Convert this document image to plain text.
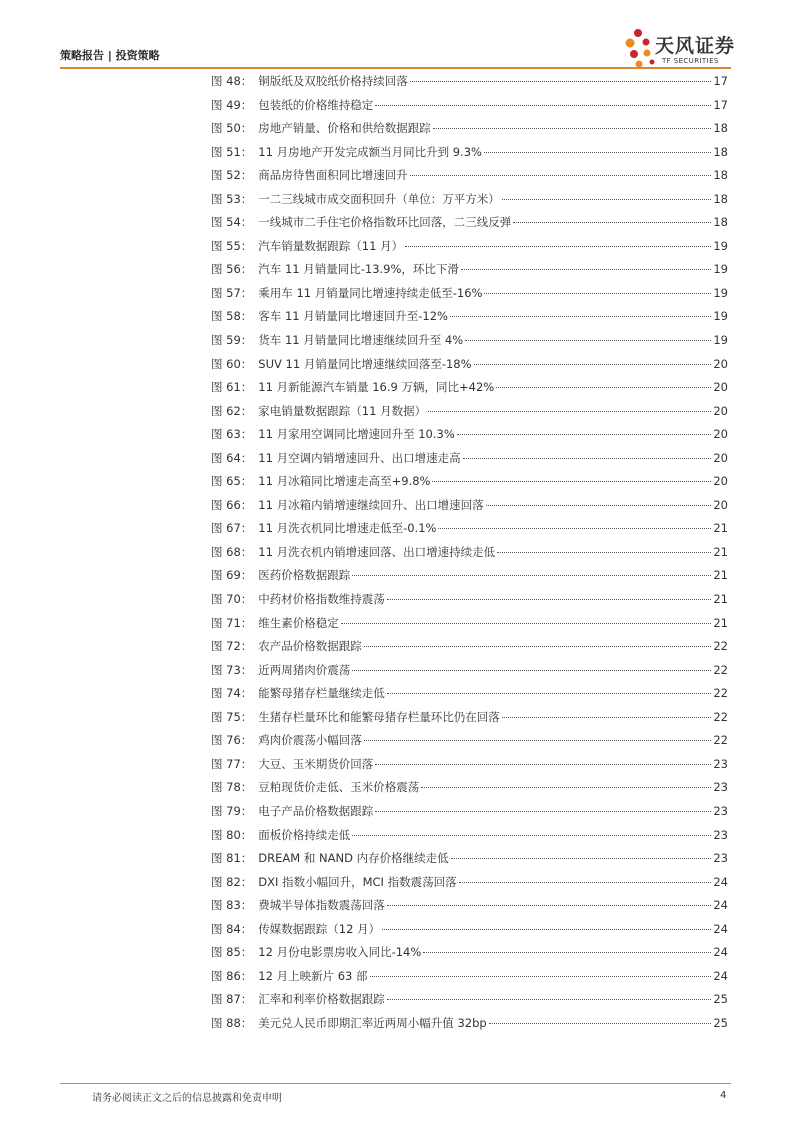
策略报告 | 投资策略	天风证券
TF SECURITIES
图 48： 铜版纸及双胶纸价格持续回落	17
图 49： 包装纸的价格维持稳定	17
图 50： 房地产销量、价格和供给数据跟踪	18
图 51： 11 月房地产开发完成额当月同比升到 9.3%	18
图 52： 商品房待售面积同比增速回升	18
图 53： 一二三线城市成交面积回升（单位：万平方米）	18
图 54： 一线城市二手住宅价格指数环比回落，二三线反弹	18
图 55： 汽车销量数据跟踪（11 月）	19
图 56： 汽车 11 月销量同比-13.9%，环比下滑	19
图 57： 乘用车 11 月销量同比增速持续走低至-16%	19
图 58： 客车 11 月销量同比增速回升至-12%	19
图 59： 货车 11 月销量同比增速继续回升至 4%	19
图 60： SUV 11 月销量同比增速继续回落至-18%	20
图 61： 11 月新能源汽车销量 16.9 万辆，同比+42%	20
图 62： 家电销量数据跟踪（11 月数据）	20
图 63： 11 月家用空调同比增速回升至 10.3%	20
图 64： 11 月空调内销增速回升、出口增速走高	20
图 65： 11 月冰箱同比增速走高至+9.8%	20
图 66： 11 月冰箱内销增速继续回升、出口增速回落	20
图 67： 11 月洗衣机同比增速走低至-0.1%	21
图 68： 11 月洗衣机内销增速回落、出口增速持续走低	21
图 69： 医药价格数据跟踪	21
图 70： 中药材价格指数维持震荡	21
图 71： 维生素价格稳定	21
图 72： 农产品价格数据跟踪	22
图 73： 近两周猪肉价震荡	22
图 74： 能繁母猪存栏量继续走低	22
图 75： 生猪存栏量环比和能繁母猪存栏量环比仍在回落	22
图 76： 鸡肉价震荡小幅回落	22
图 77： 大豆、玉米期货价回落	23
图 78： 豆粕现货价走低、玉米价格震荡	23
图 79： 电子产品价格数据跟踪	23
图 80： 面板价格持续走低	23
图 81： DREAM 和 NAND 内存价格继续走低	23
图 82： DXI 指数小幅回升，MCI 指数震荡回落	24
图 83： 费城半导体指数震荡回落	24
图 84： 传媒数据跟踪（12 月）	24
图 85： 12 月份电影票房收入同比-14%	24
图 86： 12 月上映新片 63 部	24
图 87： 汇率和利率价格数据跟踪	25
图 88： 美元兑人民币即期汇率近两周小幅升值 32bp	25
请务必阅读正文之后的信息披露和免责申明	4
